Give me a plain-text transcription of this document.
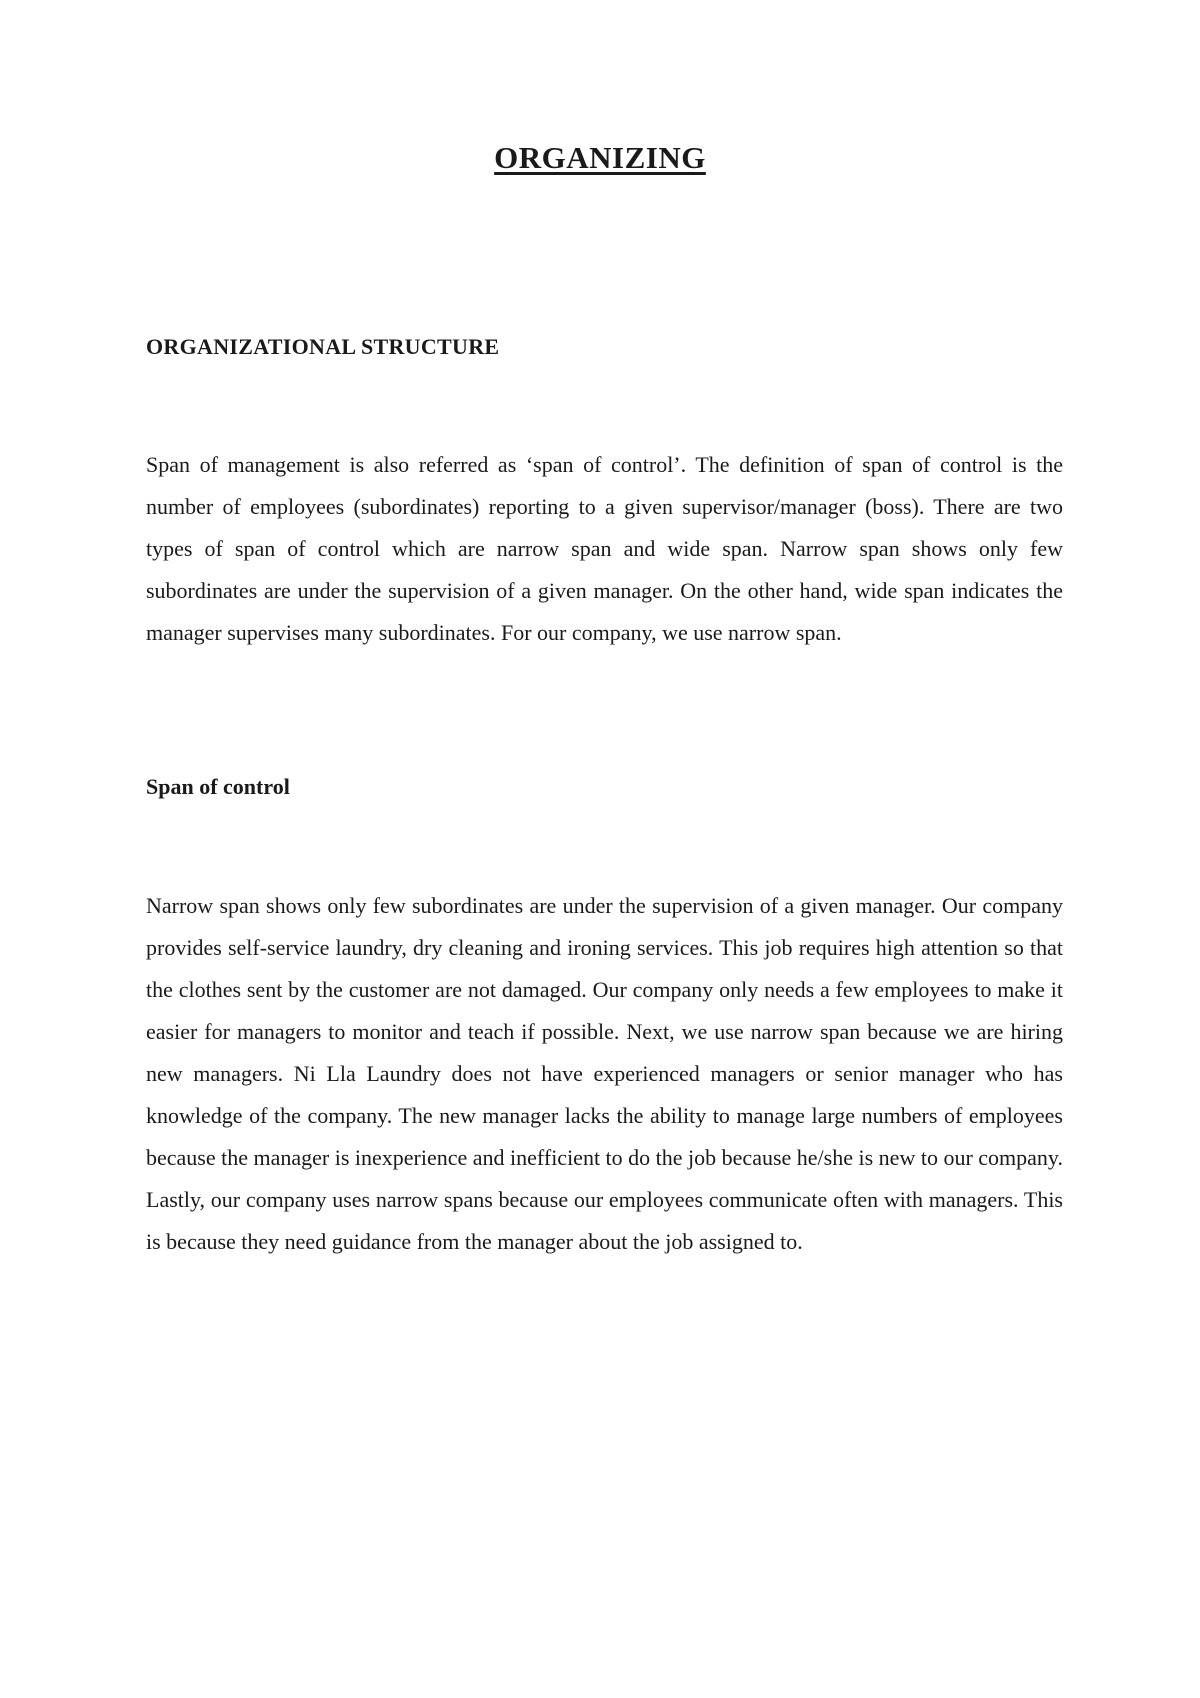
ORGANIZING
ORGANIZATIONAL STRUCTURE

Span of management is also referred as ‘span of control’. The definition of span of control is the number of employees (subordinates) reporting to a given supervisor/manager (boss). There are two types of span of control which are narrow span and wide span. Narrow span shows only few subordinates are under the supervision of a given manager. On the other hand, wide span indicates the manager supervises many subordinates. For our company, we use narrow span.

Span of control

Narrow span shows only few subordinates are under the supervision of a given manager. Our company provides self-service laundry, dry cleaning and ironing services. This job requires high attention so that the clothes sent by the customer are not damaged. Our company only needs a few employees to make it easier for managers to monitor and teach if possible. Next, we use narrow span because we are hiring new managers. Ni Lla Laundry does not have experienced managers or senior manager who has knowledge of the company. The new manager lacks the ability to manage large numbers of employees because the manager is inexperience and inefficient to do the job because he/she is new to our company. Lastly, our company uses narrow spans because our employees communicate often with managers. This is because they need guidance from the manager about the job assigned to.
